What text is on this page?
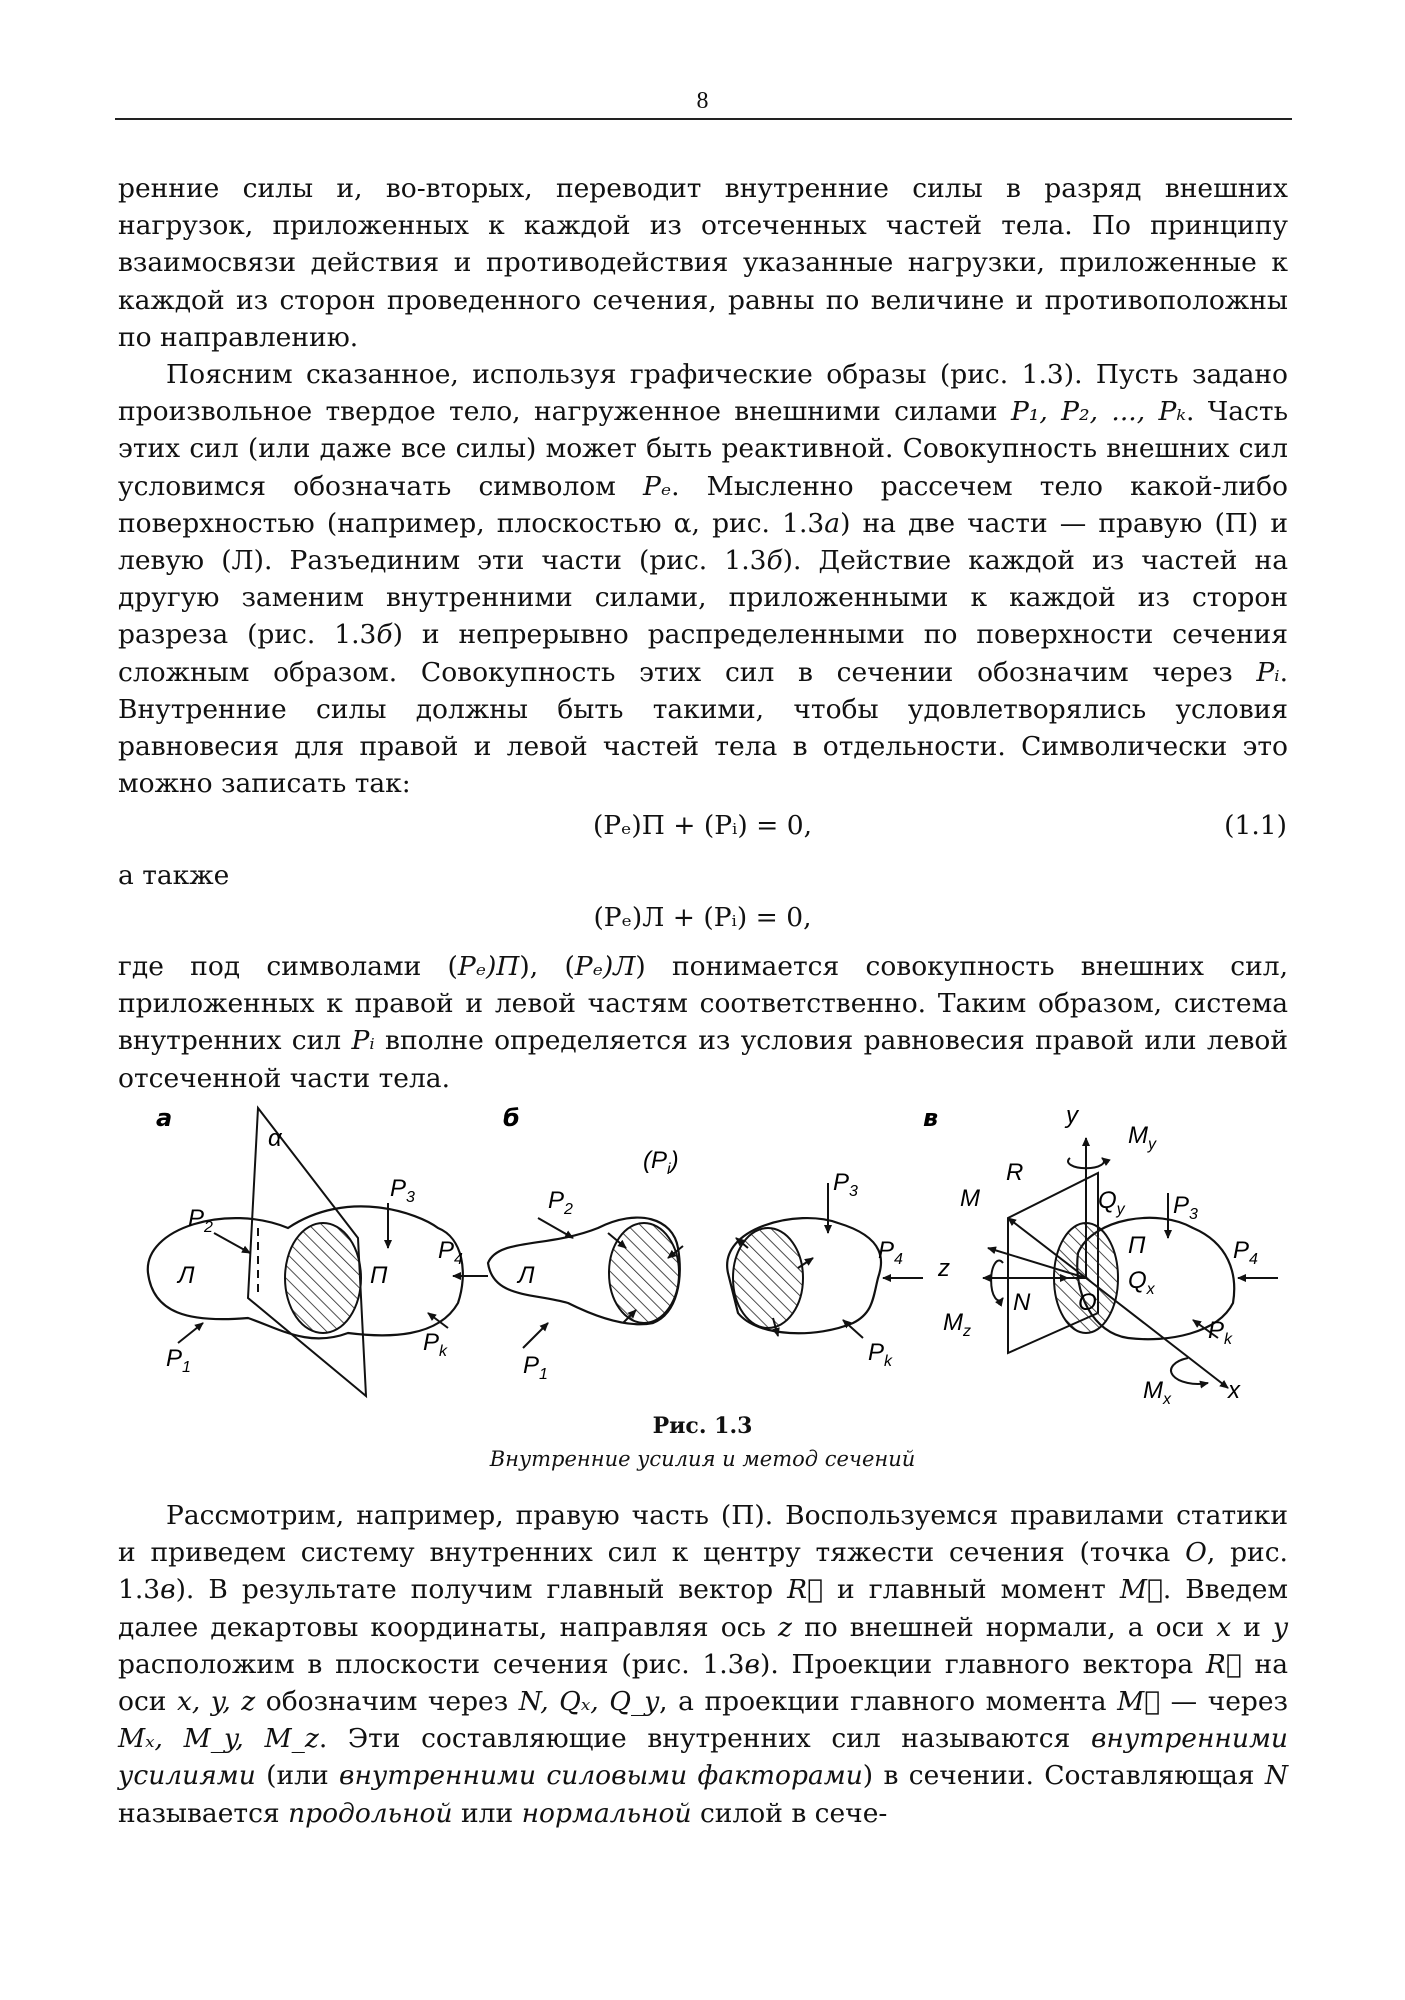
8

ренние силы и, во-вторых, переводит внутренние силы в разряд внешних нагрузок, приложенных к каждой из отсеченных частей тела. По принципу взаимосвязи действия и противодействия указанные нагрузки, приложенные к каждой из сторон проведенного сечения, равны по величине и противоположны по направлению.

Поясним сказанное, используя графические образы (рис. 1.3). Пусть задано произвольное твердое тело, нагруженное внешними силами P₁, P₂, ..., Pₖ. Часть этих сил (или даже все силы) может быть реактивной. Совокупность внешних сил условимся обозначать символом Pₑ. Мысленно рассечем тело какой-либо поверхностью (например, плоскостью α, рис. 1.3а) на две части — правую (П) и левую (Л). Разъединим эти части (рис. 1.3б). Действие каждой из частей на другую заменим внутренними силами, приложенными к каждой из сторон разреза (рис. 1.3б) и непрерывно распределенными по поверхности сечения сложным образом. Совокупность этих сил в сечении обозначим через Pᵢ. Внутренние силы должны быть такими, чтобы удовлетворялись условия равновесия для правой и левой частей тела в отдельности. Символически это можно записать так:

(Pₑ)П + (Pᵢ) = 0,	(1.1)
а также
(Pₑ)Л + (Pᵢ) = 0,

где под символами (Pₑ)П), (Pₑ)Л) понимается совокупность внешних сил, приложенных к правой и левой частям соответственно. Таким образом, система внутренних сил Pᵢ вполне определяется из условия равновесия правой или левой отсеченной части тела.

а
α
$P_2$
$P_3$
$P_4$
$P_k$
$P_1$
Л	П
б
$(P_i)$
$P_2$
$P_1$
$P_3$
$P_4$
$P_k$
Л
в	y
$M_y$
R
M	$Q_y$ $P_3$
П	$P_4$
z	$Q_x$
N O
$M_z$	$P_k$
$M_x$ x
Рис. 1.3
Внутренние усилия и метод сечений

Рассмотрим, например, правую часть (П). Воспользуемся правилами статики и приведем систему внутренних сил к центру тяжести сечения (точка O, рис. 1.3в). В результате получим главный вектор R⃗ и главный момент M⃗. Введем далее декартовы координаты, направляя ось z по внешней нормали, а оси x и y расположим в плоскости сечения (рис. 1.3в). Проекции главного вектора R⃗ на оси x, y, z обозначим через N, Qₓ, Q_y, а проекции главного момента M⃗ — через Mₓ, M_y, M_z. Эти составляющие внутренних сил называются внутренними усилиями (или внутренними силовыми факторами) в сечении. Составляющая N называется продольной или нормальной силой в сече-
